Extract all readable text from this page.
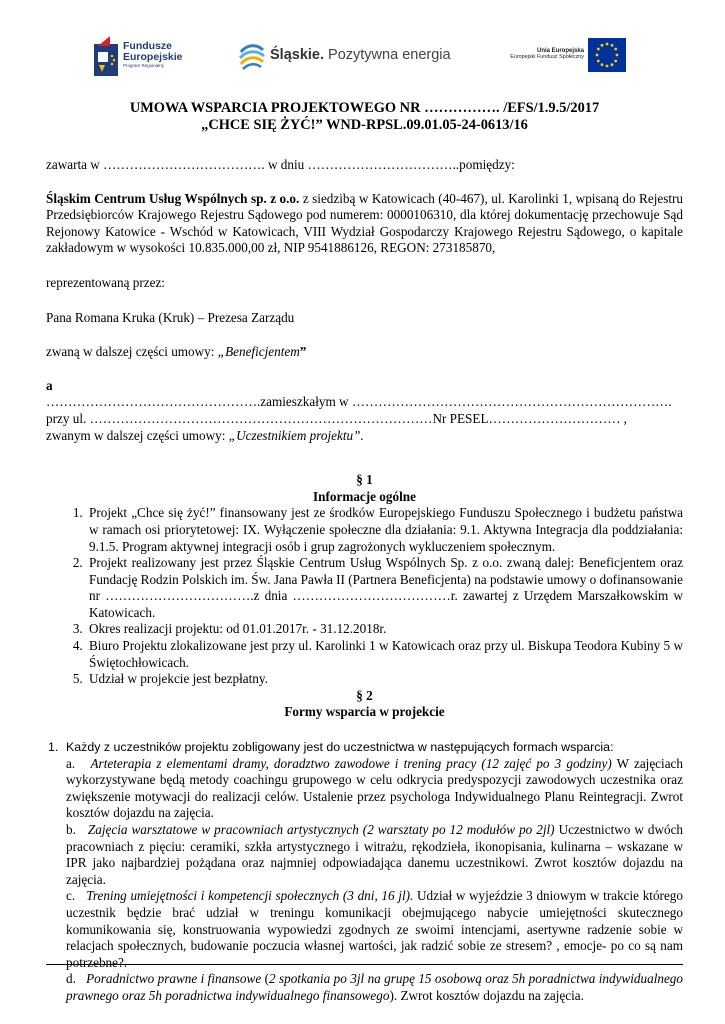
Fundusze
Europejskie
Program Regionalny
Śląskie. Pozytywna energia	Unia Europejska
Europejski Fundusz Społeczny

UMOWA WSPARCIA PROJEKTOWEGO NR ……………. /EFS/1.9.5/2017

„CHCE SIĘ ŻYĆ!” WND-RPSL.09.01.05-24-0613/16

zawarta w ………………………………. w dniu ……………………………..pomiędzy:

Śląskim Centrum Usług Wspólnych sp. z o.o. z siedzibą w Katowicach (40-467), ul. Karolinki 1, wpisaną do Rejestru Przedsiębiorców Krajowego Rejestru Sądowego pod numerem: 0000106310, dla której dokumentację przechowuje Sąd Rejonowy Katowice - Wschód w Katowicach, VIII Wydział Gospodarczy Krajowego Rejestru Sądowego, o kapitale zakładowym w wysokości 10.835.000,00 zł, NIP 9541886126, REGON: 273185870,

reprezentowaną przez:

Pana Romana Kruka (Kruk) – Prezesa Zarządu

zwaną w dalszej części umowy: „Beneficjentem”

a

………………………………………….zamieszkałym w ……………………………………………………………….

przy ul. ……………………………………………………………………Nr PESEL………………………… ,

zwanym w dalszej części umowy: „Uczestnikiem projektu”.

§ 1

Informacje ogólne

1. Projekt „Chce się żyć!” finansowany jest ze środków Europejskiego Funduszu Społecznego i budżetu państwa w ramach osi priorytetowej: IX. Wyłączenie społeczne dla działania: 9.1. Aktywna Integracja dla poddziałania: 9.1.5. Program aktywnej integracji osób i grup zagrożonych wykluczeniem społecznym.
2. Projekt realizowany jest przez Śląskie Centrum Usług Wspólnych Sp. z o.o. zwaną dalej: Beneficjentem oraz Fundację Rodzin Polskich im. Św. Jana Pawła II (Partnera Beneficjenta) na podstawie umowy o dofinansowanie nr …………………………….z dnia ………………………………r. zawartej z Urzędem Marszałkowskim w Katowicach.
3. Okres realizacji projektu: od 01.01.2017r. - 31.12.2018r.
4. Biuro Projektu zlokalizowane jest przy ul. Karolinki 1 w Katowicach oraz przy ul. Biskupa Teodora Kubiny 5 w Świętochłowicach.
5. Udział w projekcie jest bezpłatny.

§ 2

Formy wsparcia w projekcie

1. Każdy z uczestników projektu zobligowany jest do uczestnictwa w następujących formach wsparcia:

a. Arteterapia z elementami dramy, doradztwo zawodowe i trening pracy (12 zajęć po 3 godziny) W zajęciach wykorzystywane będą metody coachingu grupowego w celu odkrycia predyspozycji zawodowych uczestnika oraz zwiększenie motywacji do realizacji celów. Ustalenie przez psychologa Indywidualnego Planu Reintegracji. Zwrot kosztów dojazdu na zajęcia.

b. Zajęcia warsztatowe w pracowniach artystycznych (2 warsztaty po 12 modułów po 2jl) Uczestnictwo w dwóch pracowniach z pięciu: ceramiki, szkła artystycznego i witrażu, rękodzieła, ikonopisania, kulinarna – wskazane w IPR jako najbardziej pożądana oraz najmniej odpowiadająca danemu uczestnikowi. Zwrot kosztów dojazdu na zajęcia.

c. Trening umiejętności i kompetencji społecznych (3 dni, 16 jl). Udział w wyjeździe 3 dniowym w trakcie którego uczestnik będzie brać udział w treningu komunikacji obejmującego nabycie umiejętności skutecznego komunikowania się, konstruowania wypowiedzi zgodnych ze swoimi intencjami, asertywne radzenie sobie w relacjach społecznych, budowanie poczucia własnej wartości, jak radzić sobie ze stresem? , emocje- po co są nam potrzebne?.

d. Poradnictwo prawne i finansowe (2 spotkania po 3jl na grupę 15 osobową oraz 5h poradnictwa indywidualnego prawnego oraz 5h poradnictwa indywidualnego finansowego). Zwrot kosztów dojazdu na zajęcia.
